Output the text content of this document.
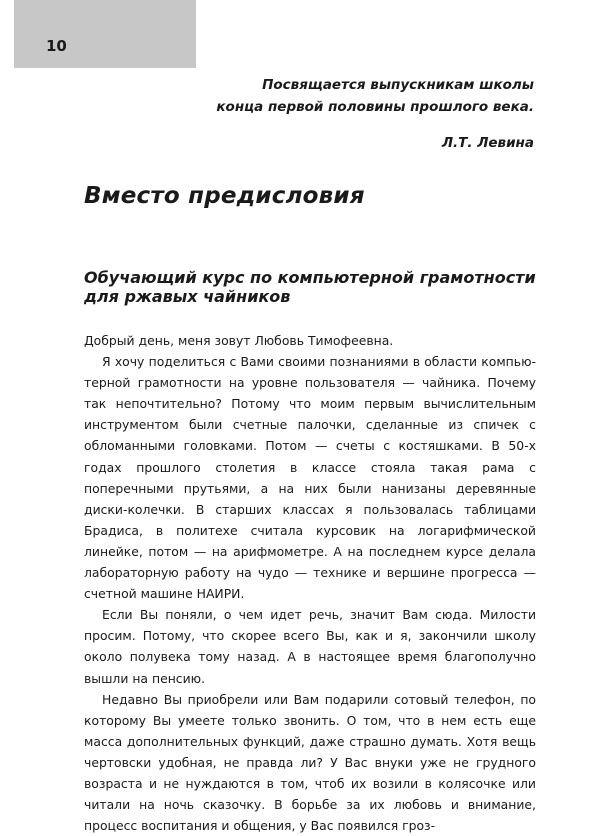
10
Посвящается выпускникам школы
конца первой половины прошлого века.
Л.Т. Левина
Вместо предисловия
Обучающий курс по компьютерной грамотности
для ржавых чайников

Добрый день, меня зовут Любовь Тимофеевна.

Я хочу поделиться с Вами своими познаниями в области компьютерной грамотности на уровне пользователя — чайника. Почему так непочтительно? Потому что моим первым вычислительным инструментом были счетные палочки, сделанные из спичек с обломанными головками. Потом — счеты с костяшками. В 50-х годах прошлого столетия в классе стояла такая рама с поперечными прутьями, а на них были нанизаны деревянные диски-колечки. В старших классах я пользовалась таблицами Брадиса, в политехе считала курсовик на логарифмической линейке, потом — на арифмометре. А на последнем курсе делала лабораторную работу на чудо — технике и вершине прогресса — счетной машине НАИРИ.

Если Вы поняли, о чем идет речь, значит Вам сюда. Милости просим. Потому, что скорее всего Вы, как и я, закончили школу около полувека тому назад. А в настоящее время благополучно вышли на пенсию.

Недавно Вы приобрели или Вам подарили сотовый телефон, по которому Вы умеете только звонить. О том, что в нем есть еще масса дополнительных функций, даже страшно думать. Хотя вещь чертовски удобная, не правда ли? У Вас внуки уже не грудного возраста и не нуждаются в том, чтоб их возили в колясочке или читали на ночь сказочку. В борьбе за их любовь и внимание, процесс воспитания и общения, у Вас появился гроз-
